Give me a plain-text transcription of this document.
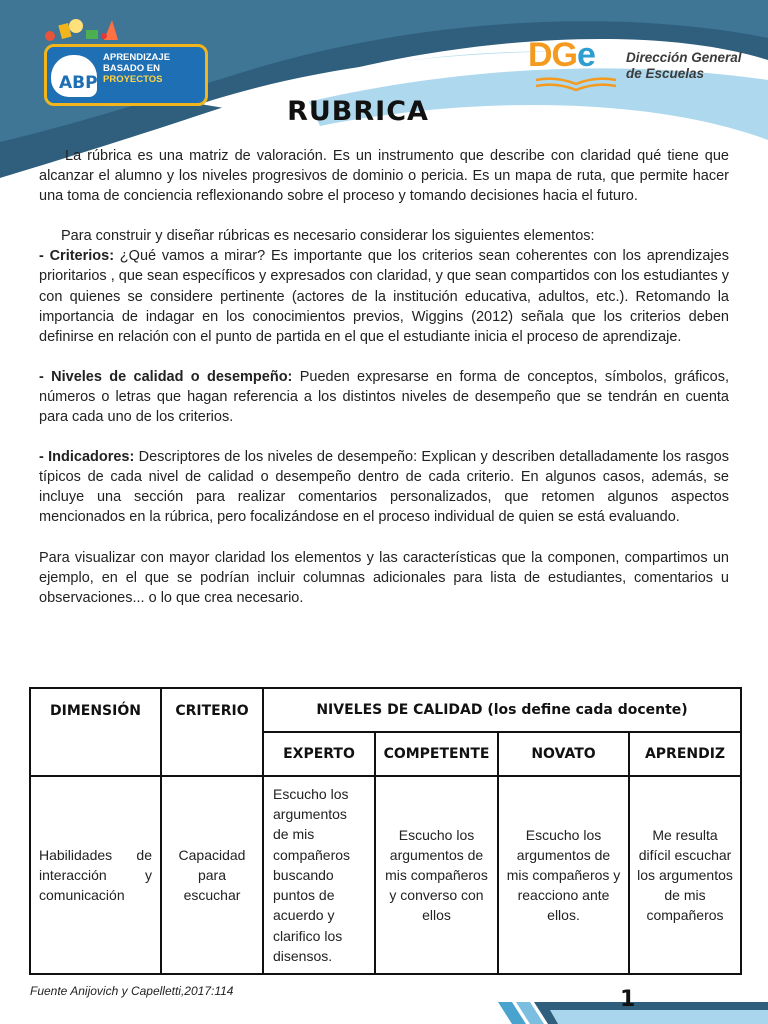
ABP
APRENDIZAJE
BASADO EN
PROYECTOS
DGe Dirección General
de Escuelas
RUBRICA

La rúbrica es una matriz de valoración. Es un instrumento que describe con claridad qué tiene que alcanzar el alumno y los niveles progresivos de dominio o pericia. Es un mapa de ruta, que permite hacer una toma de conciencia reflexionando sobre el proceso y tomando decisiones hacia el futuro.

Para construir y diseñar rúbricas es necesario considerar los siguientes elementos:

- Criterios: ¿Qué vamos a mirar? Es importante que los criterios sean coherentes con los aprendizajes prioritarios , que sean específicos y expresados con claridad, y que sean compartidos con los estudiantes y con quienes se considere pertinente (actores de la institución educativa, adultos, etc.). Retomando la importancia de indagar en los conocimientos previos, Wiggins (2012) señala que los criterios deben definirse en relación con el punto de partida en el que el estudiante inicia el proceso de aprendizaje.

- Niveles de calidad o desempeño: Pueden expresarse en forma de conceptos, símbolos, gráficos, números o letras que hagan referencia a los distintos niveles de desempeño que se tendrán en cuenta para cada uno de los criterios.

- Indicadores: Descriptores de los niveles de desempeño: Explican y describen detalladamente los rasgos típicos de cada nivel de calidad o desempeño dentro de cada criterio. En algunos casos, además, se incluye una sección para realizar comentarios personalizados, que retomen algunos aspectos mencionados en la rúbrica, pero focalizándose en el proceso individual de quien se está evaluando.

Para visualizar con mayor claridad los elementos y las características que la componen, compartimos un ejemplo, en el que se podrían incluir columnas adicionales para lista de estudiantes, comentarios u observaciones... o lo que crea necesario.

DIMENSIÓN	CRITERIO	NIVELES DE CALIDAD (los define cada docente)			
		EXPERTO	COMPETENTE	NOVATO	APRENDIZ
Habilidades de interacción y comunicación	Capacidad para escuchar	Escucho los argumentos de mis compañeros buscando puntos de acuerdo y clarifico los disensos.	Escucho los argumentos de mis compañeros y converso con ellos	Escucho los argumentos de mis compañeros y reacciono ante ellos.	Me resulta difícil escuchar los argumentos de mis compañeros
Fuente Anijovich y Capelletti,2017:114	1
